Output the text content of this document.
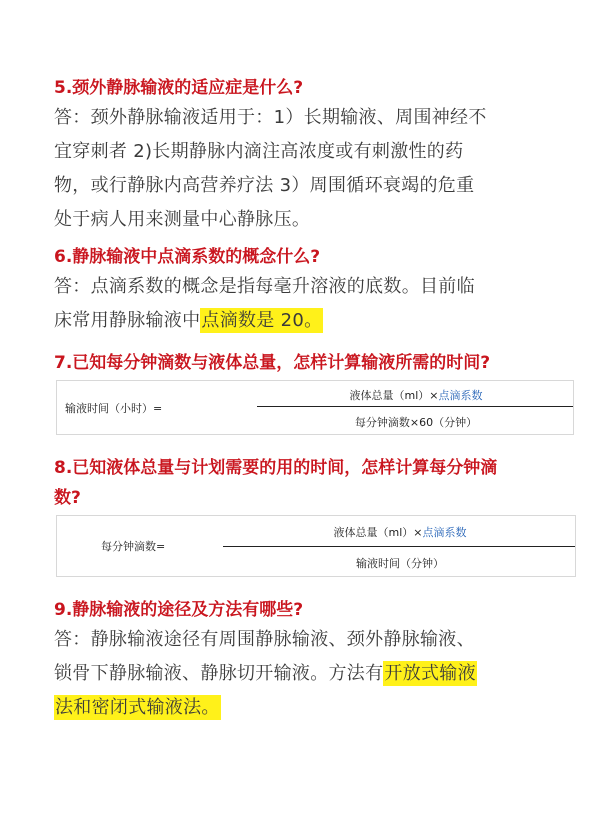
5.颈外静脉输液的适应症是什么?

答：颈外静脉输液适用于：1）长期输液、周围神经不
宜穿刺者 2)长期静脉内滴注高浓度或有刺激性的药
物，或行静脉内高营养疗法 3）周围循环衰竭的危重
处于病人用来测量中心静脉压。

6.静脉输液中点滴系数的概念什么?

答：点滴系数的概念是指每毫升溶液的底数。目前临
床常用静脉输液中点滴数是 20。

7.已知每分钟滴数与液体总量，怎样计算输液所需的时间?

输液时间（小时）=
液体总量（ml）×点滴系数
每分钟滴数×60（分钟）

8.已知液体总量与计划需要的用的时间，怎样计算每分钟滴

数?

每分钟滴数=
液体总量（ml）×点滴系数
输液时间（分钟）

9.静脉输液的途径及方法有哪些?

答：静脉输液途径有周围静脉输液、颈外静脉输液、
锁骨下静脉输液、静脉切开输液。方法有开放式输液
法和密闭式输液法。
